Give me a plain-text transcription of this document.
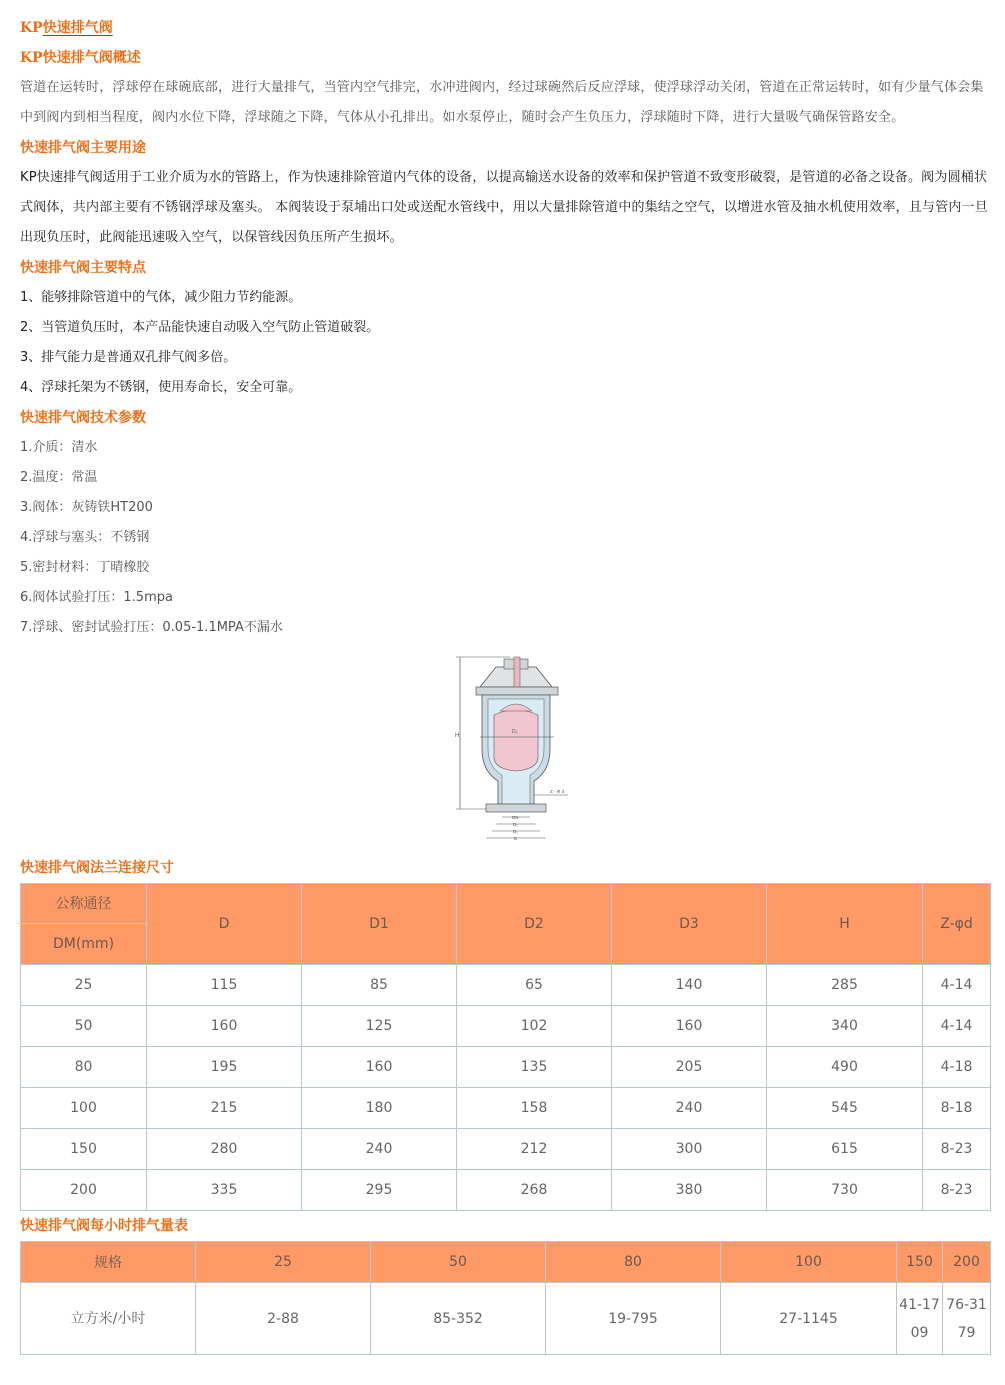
KP快速排气阀
KP快速排气阀概述
管道在运转时，浮球停在球碗底部，进行大量排气，当管内空气排完，水冲进阀内，经过球碗然后反应浮球，使浮球浮动关闭，管道在正常运转时，如有少量气体会集中到阀内到相当程度，阀内水位下降，浮球随之下降，气体从小孔排出。如水泵停止，随时会产生负压力，浮球随时下降，进行大量吸气确保管路安全。
快速排气阀主要用途
KP快速排气阀适用于工业介质为水的管路上，作为快速排除管道内气体的设备，以提高输送水设备的效率和保护管道不致变形破裂，是管道的必备之设备。阀为圆桶状式阀体，共内部主要有不锈钢浮球及塞头。 本阀装设于泵埔出口处或送配水管线中，用以大量排除管道中的集结之空气，以增进水管及抽水机使用效率，且与管内一旦出现负压时，此阀能迅速吸入空气，以保管线因负压所产生损坏。
快速排气阀主要特点
1、能够排除管道中的气体，减少阻力节约能源。
2、当管道负压时，本产品能快速自动吸入空气防止管道破裂。
3、排气能力是普通双孔排气阀多倍。
4、浮球托架为不锈钢，使用寿命长，安全可靠。
快速排气阀技术参数
1.介质：清水
2.温度：常温
3.阀体：灰铸铁HT200
4.浮球与塞头：不锈钢
5.密封材料：丁晴橡胶
6.阀体试验打压：1.5mpa
7.浮球、密封试验打压：0.05-1.1MPA不漏水
H
D₃
Z - Φ d
DN
D₂
D₁
D
快速排气阀法兰连接尺寸
公称通径
DM(mm)	D	D1	D2	D3	H	Z-φd
25	115	85	65	140	285	4-14
50	160	125	102	160	340	4-14
80	195	160	135	205	490	4-18
100	215	180	158	240	545	8-18
150	280	240	212	300	615	8-23
200	335	295	268	380	730	8-23
快速排气阀每小时排气量表
规格	25	50	80	100	150	200
立方米/小时	2-88	85-352	19-795	27-1145	41-1709	76-3179
